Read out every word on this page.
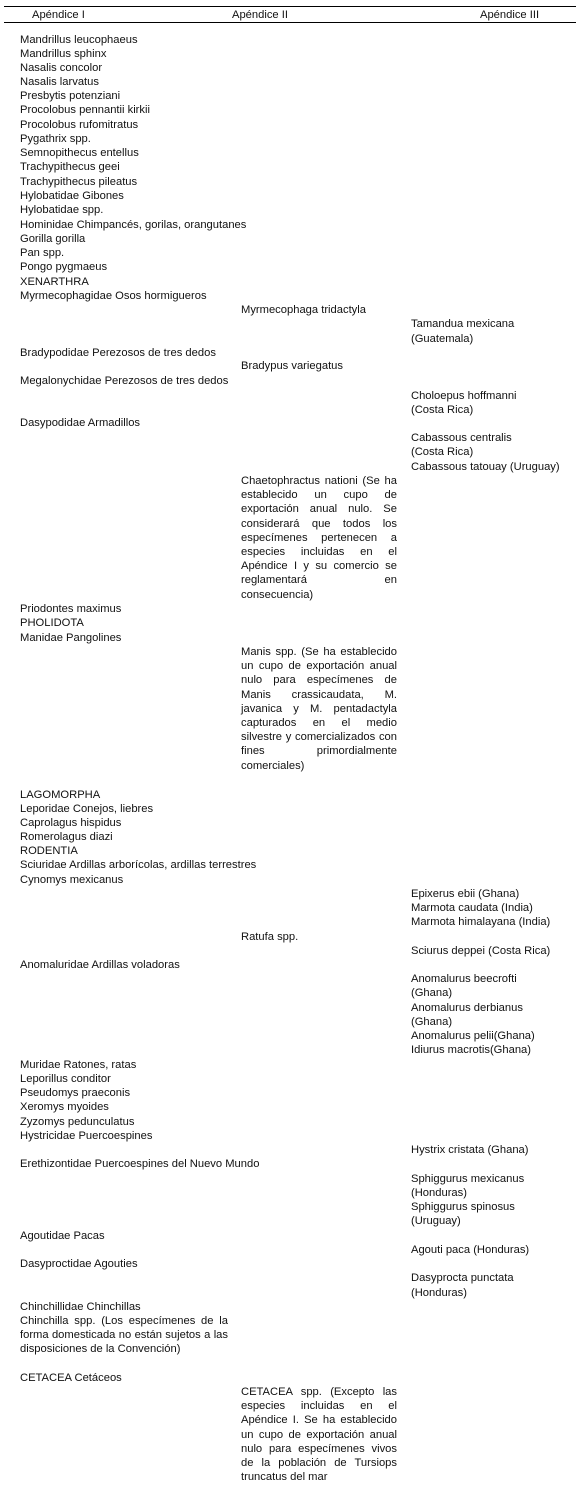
Apéndice I	Apéndice II	Apéndice III
Mandrillus leucophaeus
Mandrillus sphinx
Nasalis concolor
Nasalis larvatus
Presbytis potenziani
Procolobus pennantii kirkii
Procolobus rufomitratus
Pygathrix spp.
Semnopithecus entellus
Trachypithecus geei
Trachypithecus pileatus
Hylobatidae Gibones
Hylobatidae spp.
Hominidae Chimpancés, gorilas, orangutanes
Gorilla gorilla
Pan spp.
Pongo pygmaeus
XENARTHRA
Myrmecophagidae Osos hormigueros
Bradypodidae Perezosos de tres dedos
Megalonychidae Perezosos de tres dedos
Dasypodidae Armadillos
Priodontes maximus
PHOLIDOTA
Manidae Pangolines
LAGOMORPHA
Leporidae Conejos, liebres
Caprolagus hispidus
Romerolagus diazi
RODENTIA
Sciuridae Ardillas arborícolas, ardillas terrestres
Cynomys mexicanus
Anomaluridae Ardillas voladoras
Muridae Ratones, ratas
Leporillus conditor
Pseudomys praeconis
Xeromys myoides
Zyzomys pedunculatus
Hystricidae Puercoespines
Erethizontidae Puercoespines del Nuevo Mundo
Agoutidae Pacas
Dasyproctidae Agouties
Chinchillidae Chinchillas
Chinchilla spp. (Los especímenes de la forma domesticada no están sujetos a las disposiciones de la Convención)
CETACEA Cetáceos
Myrmecophaga tridactyla
Bradypus variegatus
Chaetophractus nationi (Se ha establecido un cupo de exportación anual nulo. Se considerará que todos los especímenes pertenecen a especies incluidas en el Apéndice I y su comercio se reglamentará en consecuencia)
Manis spp. (Se ha establecido un cupo de exportación anual nulo para especímenes de Manis crassicaudata, M. javanica y M. pentadactyla capturados en el medio silvestre y comercializados con fines primordialmente comerciales)
Ratufa spp.
CETACEA spp. (Excepto las especies incluidas en el Apéndice I. Se ha establecido un cupo de exportación anual nulo para especímenes vivos de la población de Tursiops truncatus del mar
Tamandua mexicana
(Guatemala)
Choloepus hoffmanni
(Costa Rica)
Cabassous centralis
(Costa Rica)
Cabassous tatouay (Uruguay)
Epixerus ebii (Ghana)
Marmota caudata (India)
Marmota himalayana (India)
Sciurus deppei (Costa Rica)
Anomalurus beecrofti
(Ghana)
Anomalurus derbianus
(Ghana)
Anomalurus pelii(Ghana)
Idiurus macrotis(Ghana)
Hystrix cristata (Ghana)
Sphiggurus mexicanus
(Honduras)
Sphiggurus spinosus
(Uruguay)
Agouti paca (Honduras)
Dasyprocta punctata
(Honduras)
